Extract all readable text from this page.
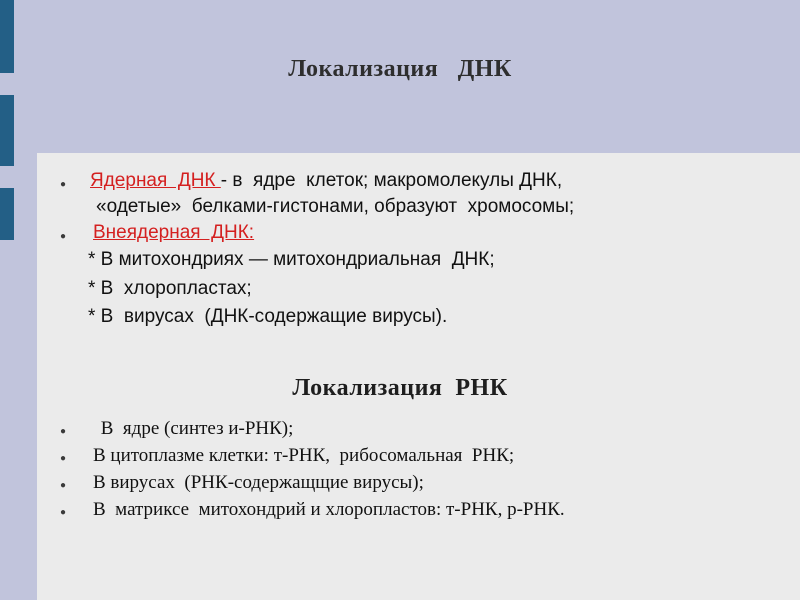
Локализация   ДНК
● Ядерная  ДНК - в  ядре  клеток; макромолекулы ДНК,
«одетые»  белками-гистонами, образуют  хромосомы;
● Внеядерная  ДНК:
* В митохондриях — митохондриальная  ДНК;
* В  хлоропластах;
* В  вирусах  (ДНК-содержащие вирусы).
Локализация  РНК
● В  ядре (синтез и-РНК);
● В цитоплазме клетки: т-РНК,  рибосомальная  РНК;
● В вирусах  (РНК-содержащщие вирусы);
● В  матриксе  митохондрий и хлоропластов: т-РНК, р-РНК.
